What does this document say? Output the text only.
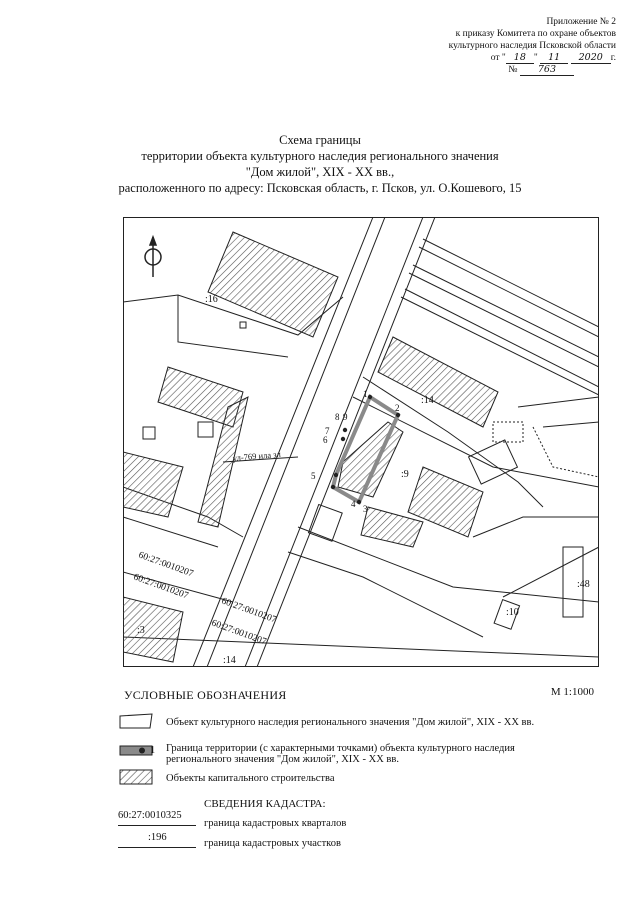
Приложение № 2
к приказу Комитета по охране объектов
культурного наследия Псковской области
от " 18 " 11 2020 г.
№ 763
Схема границы
территории объекта культурного наследия регионального значения
"Дом жилой", XIX - XX вв.,
расположенного по адресу: Псковская область, г. Псков, ул. О.Кошевого, 15
:16
:14
:9
:48
:10
:3
:14
ул-769 ила зл
60:27:0010207
60:27:0010207
60:27:0010207
60:27:0010207
1
2
3
4
5
6
7
8 9
УСЛОВНЫЕ ОБОЗНАЧЕНИЯ	М 1:1000
Объект культурного наследия регионального значения "Дом жилой", XIX - XX вв.
1 Граница территории (с характерными точками) объекта культурного наследия
регионального значения "Дом жилой", XIX - XX вв.
Объекты капитального строительства
СВЕДЕНИЯ КАДАСТРА:
60:27:0010325
граница кадастровых кварталов
:196
граница кадастровых участков
